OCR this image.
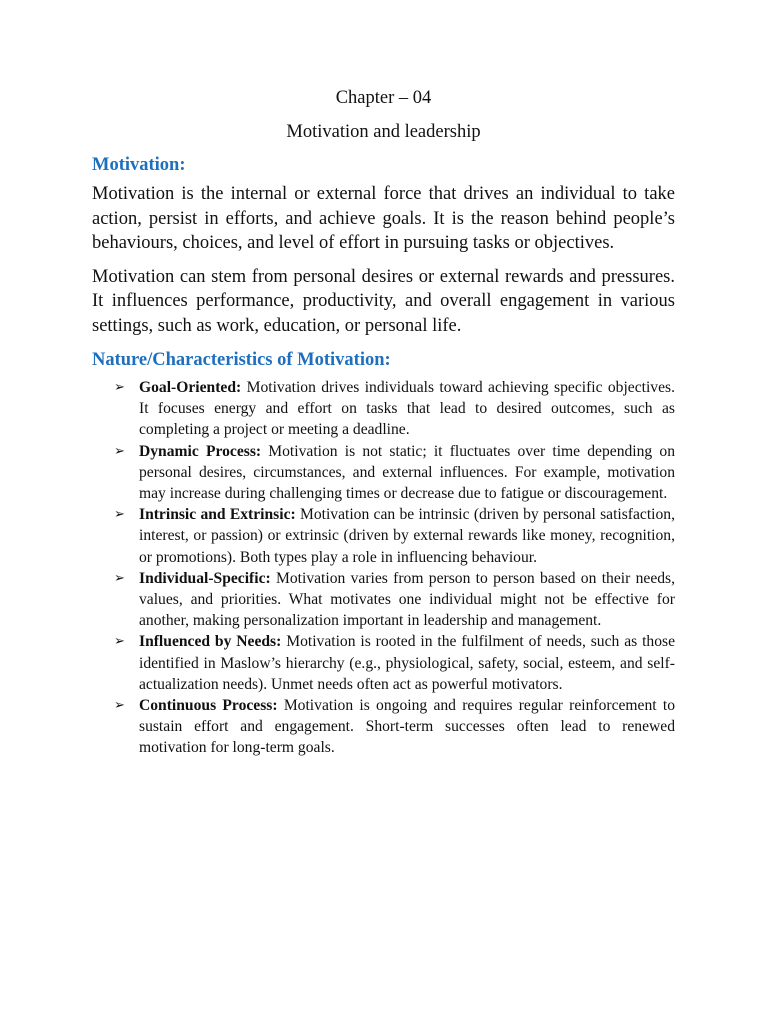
Chapter – 04

Motivation and leadership

Motivation:

Motivation is the internal or external force that drives an individual to take action, persist in efforts, and achieve goals. It is the reason behind people’s behaviours, choices, and level of effort in pursuing tasks or objectives.

Motivation can stem from personal desires or external rewards and pressures. It influences performance, productivity, and overall engagement in various settings, such as work, education, or personal life.

Nature/Characteristics of Motivation:
➢ Goal-Oriented: Motivation drives individuals toward achieving specific objectives. It focuses energy and effort on tasks that lead to desired outcomes, such as completing a project or meeting a deadline.
➢ Dynamic Process: Motivation is not static; it fluctuates over time depending on personal desires, circumstances, and external influences. For example, motivation may increase during challenging times or decrease due to fatigue or discouragement.
➢ Intrinsic and Extrinsic: Motivation can be intrinsic (driven by personal satisfaction, interest, or passion) or extrinsic (driven by external rewards like money, recognition, or promotions). Both types play a role in influencing behaviour.
➢ Individual-Specific: Motivation varies from person to person based on their needs, values, and priorities. What motivates one individual might not be effective for another, making personalization important in leadership and management.
➢ Influenced by Needs: Motivation is rooted in the fulfilment of needs, such as those identified in Maslow’s hierarchy (e.g., physiological, safety, social, esteem, and self-actualization needs). Unmet needs often act as powerful motivators.
➢ Continuous Process: Motivation is ongoing and requires regular reinforcement to sustain effort and engagement. Short-term successes often lead to renewed motivation for long-term goals.
